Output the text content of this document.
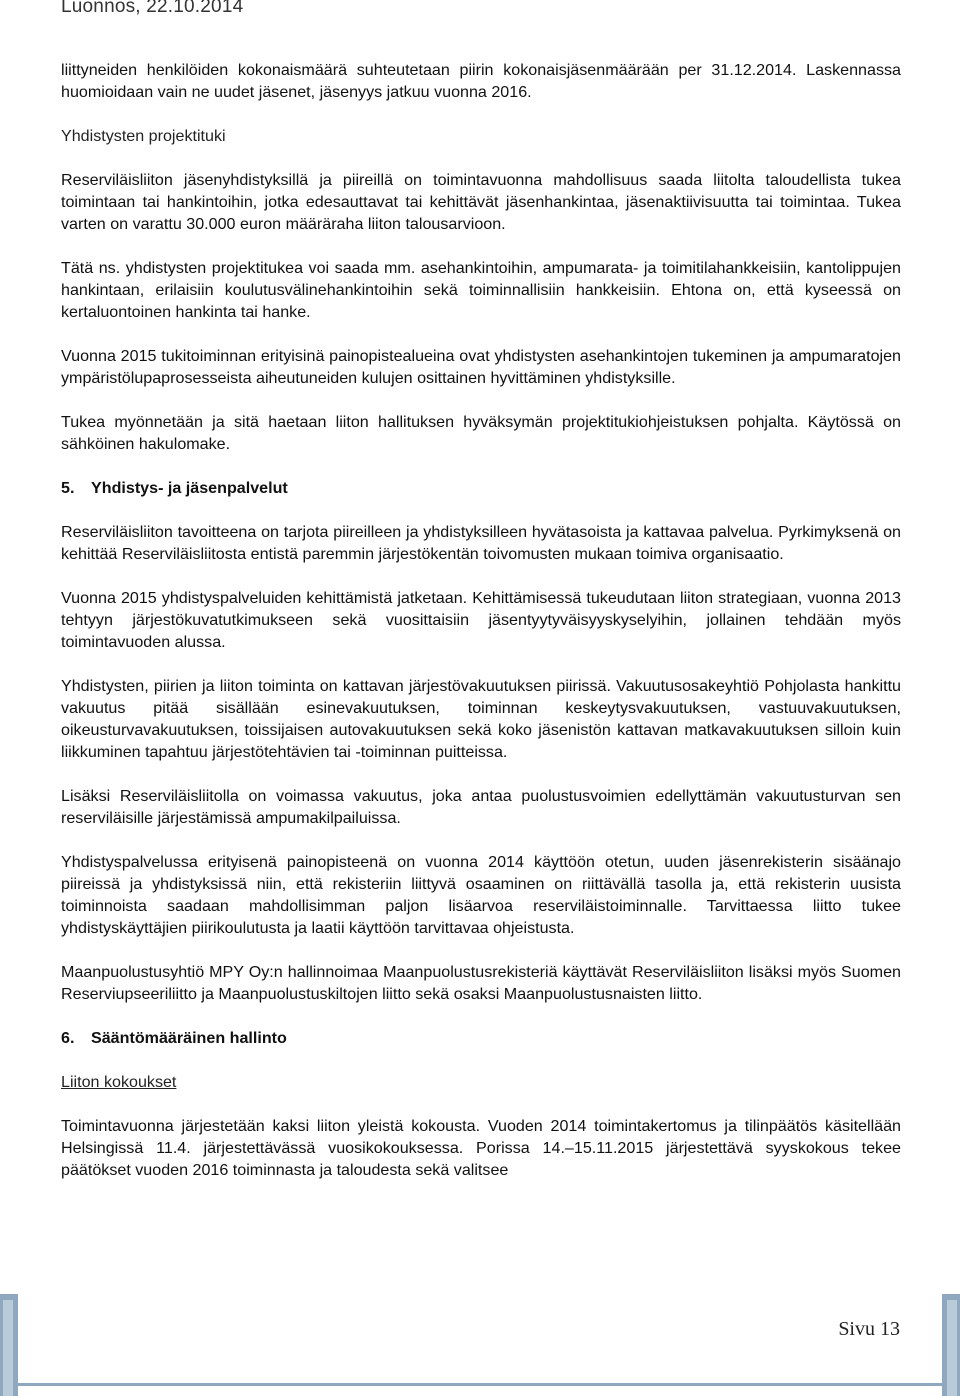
Luonnos, 22.10.2014

liittyneiden henkilöiden kokonaismäärä suhteutetaan piirin kokonaisjäsenmäärään per 31.12.2014. Laskennassa huomioidaan vain ne uudet jäsenet, jäsenyys jatkuu vuonna 2016.

Yhdistysten projektituki

Reserviläisliiton jäsenyhdistyksillä ja piireillä on toimintavuonna mahdollisuus saada liitolta taloudellista tukea toimintaan tai hankintoihin, jotka edesauttavat tai kehittävät jäsenhankintaa, jäsenaktiivisuutta tai toimintaa. Tukea varten on varattu 30.000 euron määräraha liiton talousarvioon.

Tätä ns. yhdistysten projektitukea voi saada mm. asehankintoihin, ampumarata- ja toimitilahankkeisiin, kantolippujen hankintaan, erilaisiin koulutusvälinehankintoihin sekä toiminnallisiin hankkeisiin. Ehtona on, että kyseessä on kertaluontoinen hankinta tai hanke.

Vuonna 2015 tukitoiminnan erityisinä painopistealueina ovat yhdistysten asehankintojen tukeminen ja ampumaratojen ympäristölupaprosesseista aiheutuneiden kulujen osittainen hyvittäminen yhdistyksille.

Tukea myönnetään ja sitä haetaan liiton hallituksen hyväksymän projektitukiohjeistuksen pohjalta. Käytössä on sähköinen hakulomake.

5. Yhdistys- ja jäsenpalvelut

Reserviläisliiton tavoitteena on tarjota piireilleen ja yhdistyksilleen hyvätasoista ja kattavaa palvelua. Pyrkimyksenä on kehittää Reserviläisliitosta entistä paremmin järjestökentän toivomusten mukaan toimiva organisaatio.

Vuonna 2015 yhdistyspalveluiden kehittämistä jatketaan. Kehittämisessä tukeudutaan liiton strategiaan, vuonna 2013 tehtyyn järjestökuvatutkimukseen sekä vuosittaisiin jäsentyytyväisyyskyselyihin, jollainen tehdään myös toimintavuoden alussa.

Yhdistysten, piirien ja liiton toiminta on kattavan järjestövakuutuksen piirissä. Vakuutusosakeyhtiö Pohjolasta hankittu vakuutus pitää sisällään esinevakuutuksen, toiminnan keskeytysvakuutuksen, vastuuvakuutuksen, oikeusturvavakuutuksen, toissijaisen autovakuutuksen sekä koko jäsenistön kattavan matkavakuutuksen silloin kuin liikkuminen tapahtuu järjestötehtävien tai -toiminnan puitteissa.

Lisäksi Reserviläisliitolla on voimassa vakuutus, joka antaa puolustusvoimien edellyttämän vakuutusturvan sen reserviläisille järjestämissä ampumakilpailuissa.

Yhdistyspalvelussa erityisenä painopisteenä on vuonna 2014 käyttöön otetun, uuden jäsenrekisterin sisäänajo piireissä ja yhdistyksissä niin, että rekisteriin liittyvä osaaminen on riittävällä tasolla ja, että rekisterin uusista toiminnoista saadaan mahdollisimman paljon lisäarvoa reserviläistoiminnalle. Tarvittaessa liitto tukee yhdistyskäyttäjien piirikoulutusta ja laatii käyttöön tarvittavaa ohjeistusta.

Maanpuolustusyhtiö MPY Oy:n hallinnoimaa Maanpuolustusrekisteriä käyttävät Reserviläisliiton lisäksi myös Suomen Reserviupseeriliitto ja Maanpuolustuskiltojen liitto sekä osaksi Maanpuolustusnaisten liitto.

6. Sääntömääräinen hallinto
Liiton kokoukset

Toimintavuonna järjestetään kaksi liiton yleistä kokousta. Vuoden 2014 toimintakertomus ja tilinpäätös käsitellään Helsingissä 11.4. järjestettävässä vuosikokouksessa. Porissa 14.–15.11.2015 järjestettävä syyskokous tekee päätökset vuoden 2016 toiminnasta ja taloudesta sekä valitsee

Sivu 13
